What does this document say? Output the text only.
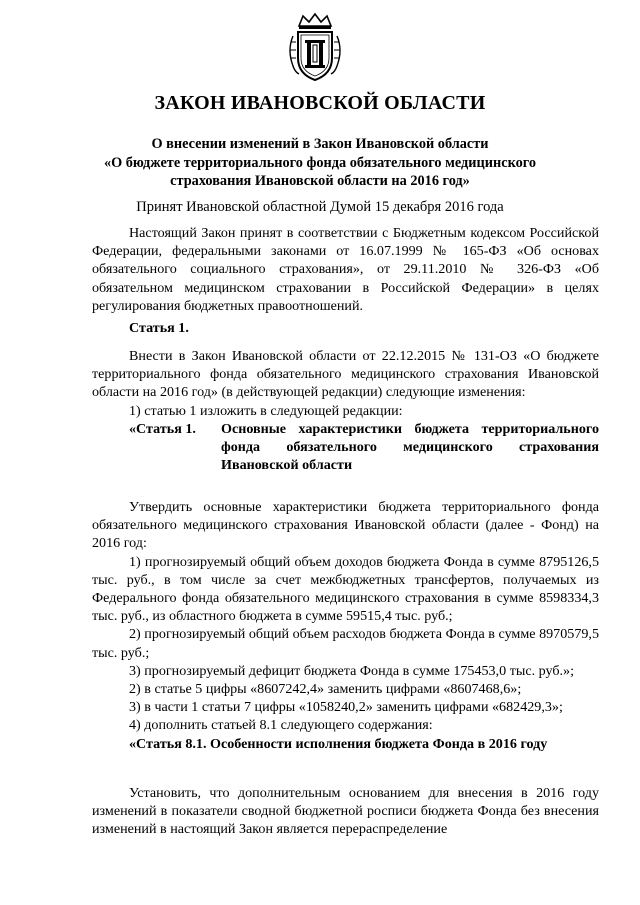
ЗАКОН ИВАНОВСКОЙ ОБЛАСТИ
О внесении изменений в Закон Ивановской области
«О бюджете территориального фонда обязательного медицинского
страхования Ивановской области на 2016 год»
Принят Ивановской областной Думой 15 декабря 2016 года

Настоящий Закон принят в соответствии с Бюджетным кодексом Российской Федерации, федеральными законами от 16.07.1999 № 165-ФЗ «Об основах обязательного социального страхования», от 29.11.2010 № 326-ФЗ «Об обязательном медицинском страховании в Российской Федерации» в целях регулирования бюджетных правоотношений.

Статья 1.

Внести в Закон Ивановской области от 22.12.2015 № 131-ОЗ «О бюджете территориального фонда обязательного медицинского страхования Ивановской области на 2016 год» (в действующей редакции) следующие изменения:

1) статью 1 изложить в следующей редакции:

«Статья 1.	Основные характеристики бюджета территориального фонда обязательного медицинского страхования Ивановской области

Утвердить основные характеристики бюджета территориального фонда обязательного медицинского страхования Ивановской области (далее - Фонд) на 2016 год:

1) прогнозируемый общий объем доходов бюджета Фонда в сумме 8795126,5 тыс. руб., в том числе за счет межбюджетных трансфертов, получаемых из Федерального фонда обязательного медицинского страхования в сумме 8598334,3 тыс. руб., из областного бюджета в сумме 59515,4 тыс. руб.;

2) прогнозируемый общий объем расходов бюджета Фонда в сумме 8970579,5 тыс. руб.;

3) прогнозируемый дефицит бюджета Фонда в сумме 175453,0 тыс. руб.»;

2) в статье 5 цифры «8607242,4» заменить цифрами «8607468,6»;

3) в части 1 статьи 7 цифры «1058240,2» заменить цифрами «682429,3»;

4) дополнить статьей 8.1 следующего содержания:

«Статья 8.1. Особенности исполнения бюджета Фонда в 2016 году

Установить, что дополнительным основанием для внесения в 2016 году изменений в показатели сводной бюджетной росписи бюджета Фонда без внесения изменений в настоящий Закон является перераспределение
